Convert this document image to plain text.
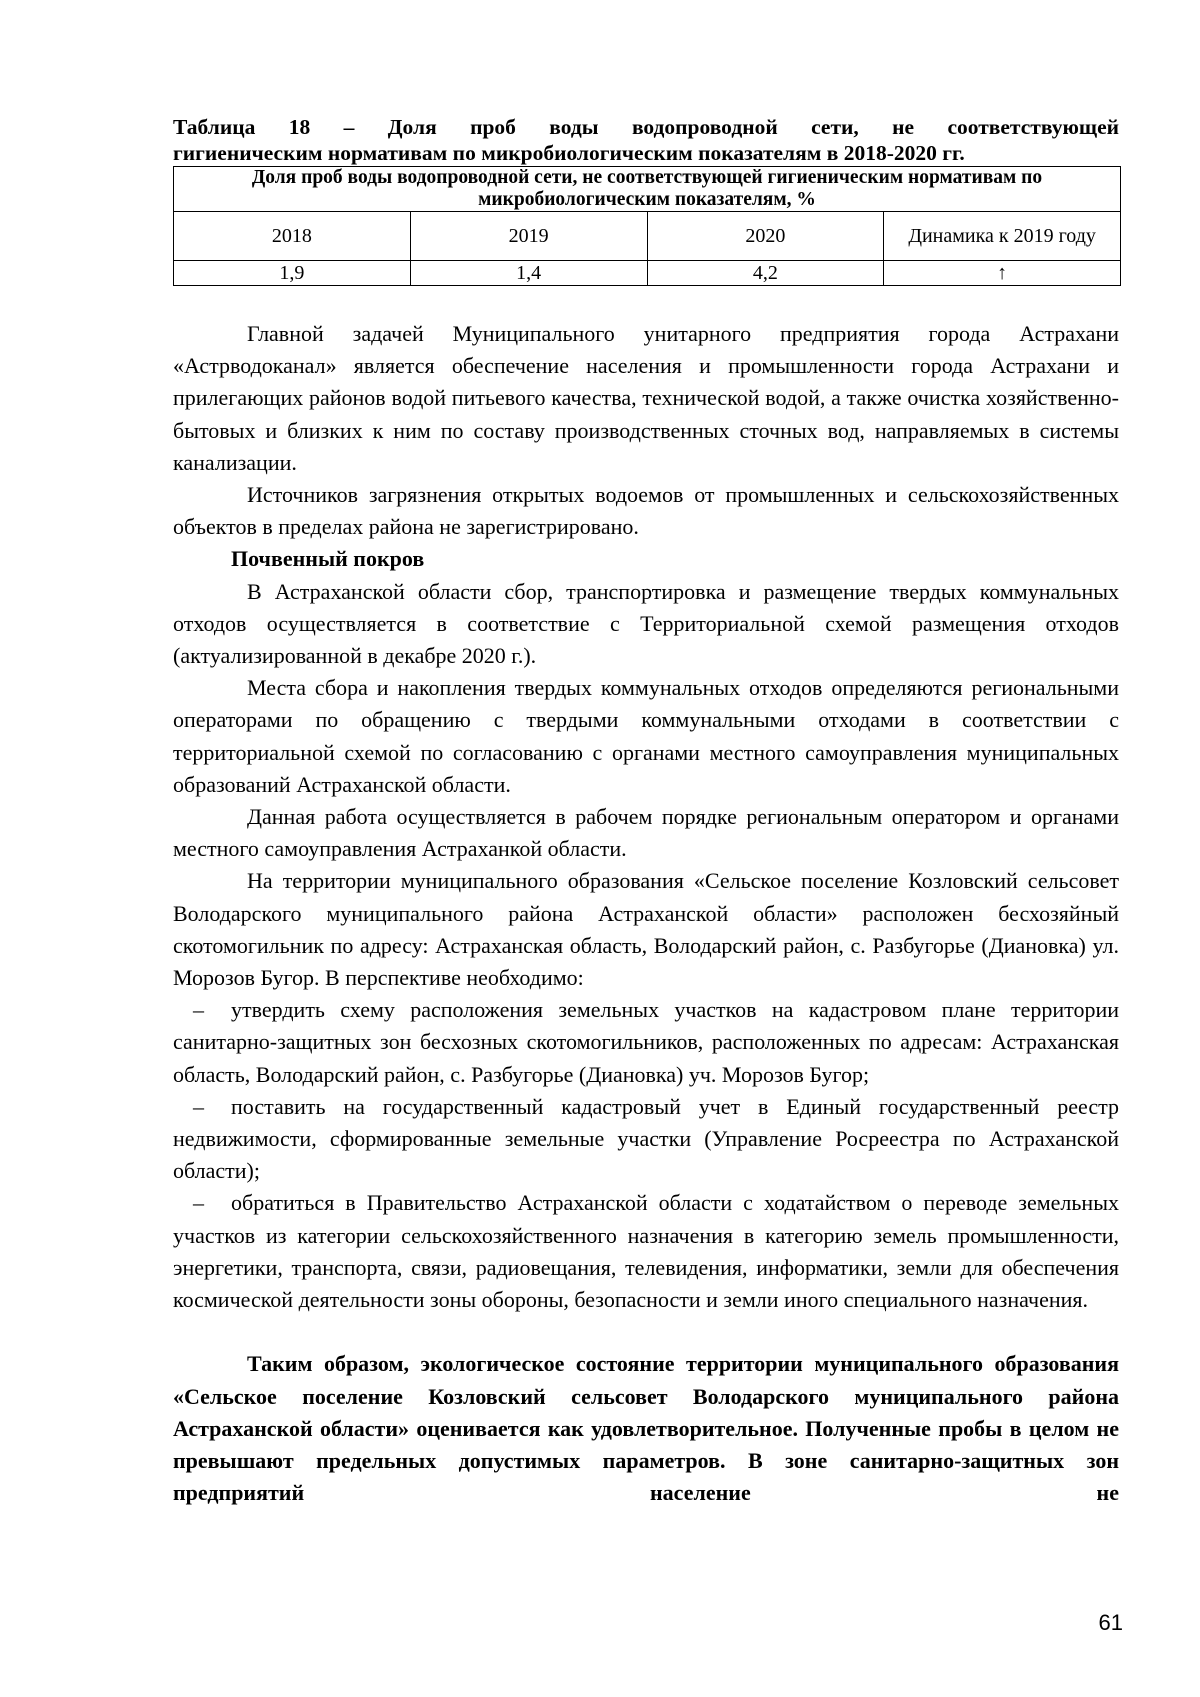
Таблица 18 – Доля проб воды водопроводной сети, не соответствующей
гигиеническим нормативам по микробиологическим показателям в 2018-2020 гг.
Доля проб воды водопроводной сети, не соответствующей гигиеническим нормативам по микробиологическим показателям, %			
2018	2019	2020	Динамика к 2019 году
1,9	1,4	4,2	↑

Главной задачей Муниципального унитарного предприятия города Астрахани «Астрводоканал» является обеспечение населения и промышленности города Астрахани и прилегающих районов водой питьевого качества, технической водой, а также очистка хозяйственно-бытовых и близких к ним по составу производственных сточных вод, направляемых в системы канализации.

Источников загрязнения открытых водоемов от промышленных и сельскохозяйственных объектов в пределах района не зарегистрировано.

Почвенный покров

В Астраханской области сбор, транспортировка и размещение твердых коммунальных отходов осуществляется в соответствие с Территориальной схемой размещения отходов (актуализированной в декабре 2020 г.).

Места сбора и накопления твердых коммунальных отходов определяются региональными операторами по обращению с твердыми коммунальными отходами в соответствии с территориальной схемой по согласованию с органами местного самоуправления муниципальных образований Астраханской области.

Данная работа осуществляется в рабочем порядке региональным оператором и органами местного самоуправления Астраханкой области.

На территории муниципального образования «Сельское поселение Козловский сельсовет Володарского муниципального района Астраханской области» расположен бесхозяйный скотомогильник по адресу: Астраханская область, Володарский район, с. Разбугорье (Диановка) ул. Морозов Бугор. В перспективе необходимо:

– утвердить схему расположения земельных участков на кадастровом плане территории санитарно-защитных зон бесхозных скотомогильников, расположенных по адресам: Астраханская область, Володарский район, с. Разбугорье (Диановка) уч. Морозов Бугор;

– поставить на государственный кадастровый учет в Единый государственный реестр недвижимости, сформированные земельные участки (Управление Росреестра по Астраханской области);

– обратиться в Правительство Астраханской области с ходатайством о переводе земельных участков из категории сельскохозяйственного назначения в категорию земель промышленности, энергетики, транспорта, связи, радиовещания, телевидения, информатики, земли для обеспечения космической деятельности зоны обороны, безопасности и земли иного специального назначения.

Таким образом, экологическое состояние территории муниципального образования «Сельское поселение Козловский сельсовет Володарского муниципального района Астраханской области» оценивается как удовлетворительное. Полученные пробы в целом не превышают предельных допустимых параметров. В зоне санитарно-защитных зон предприятий население не

61
